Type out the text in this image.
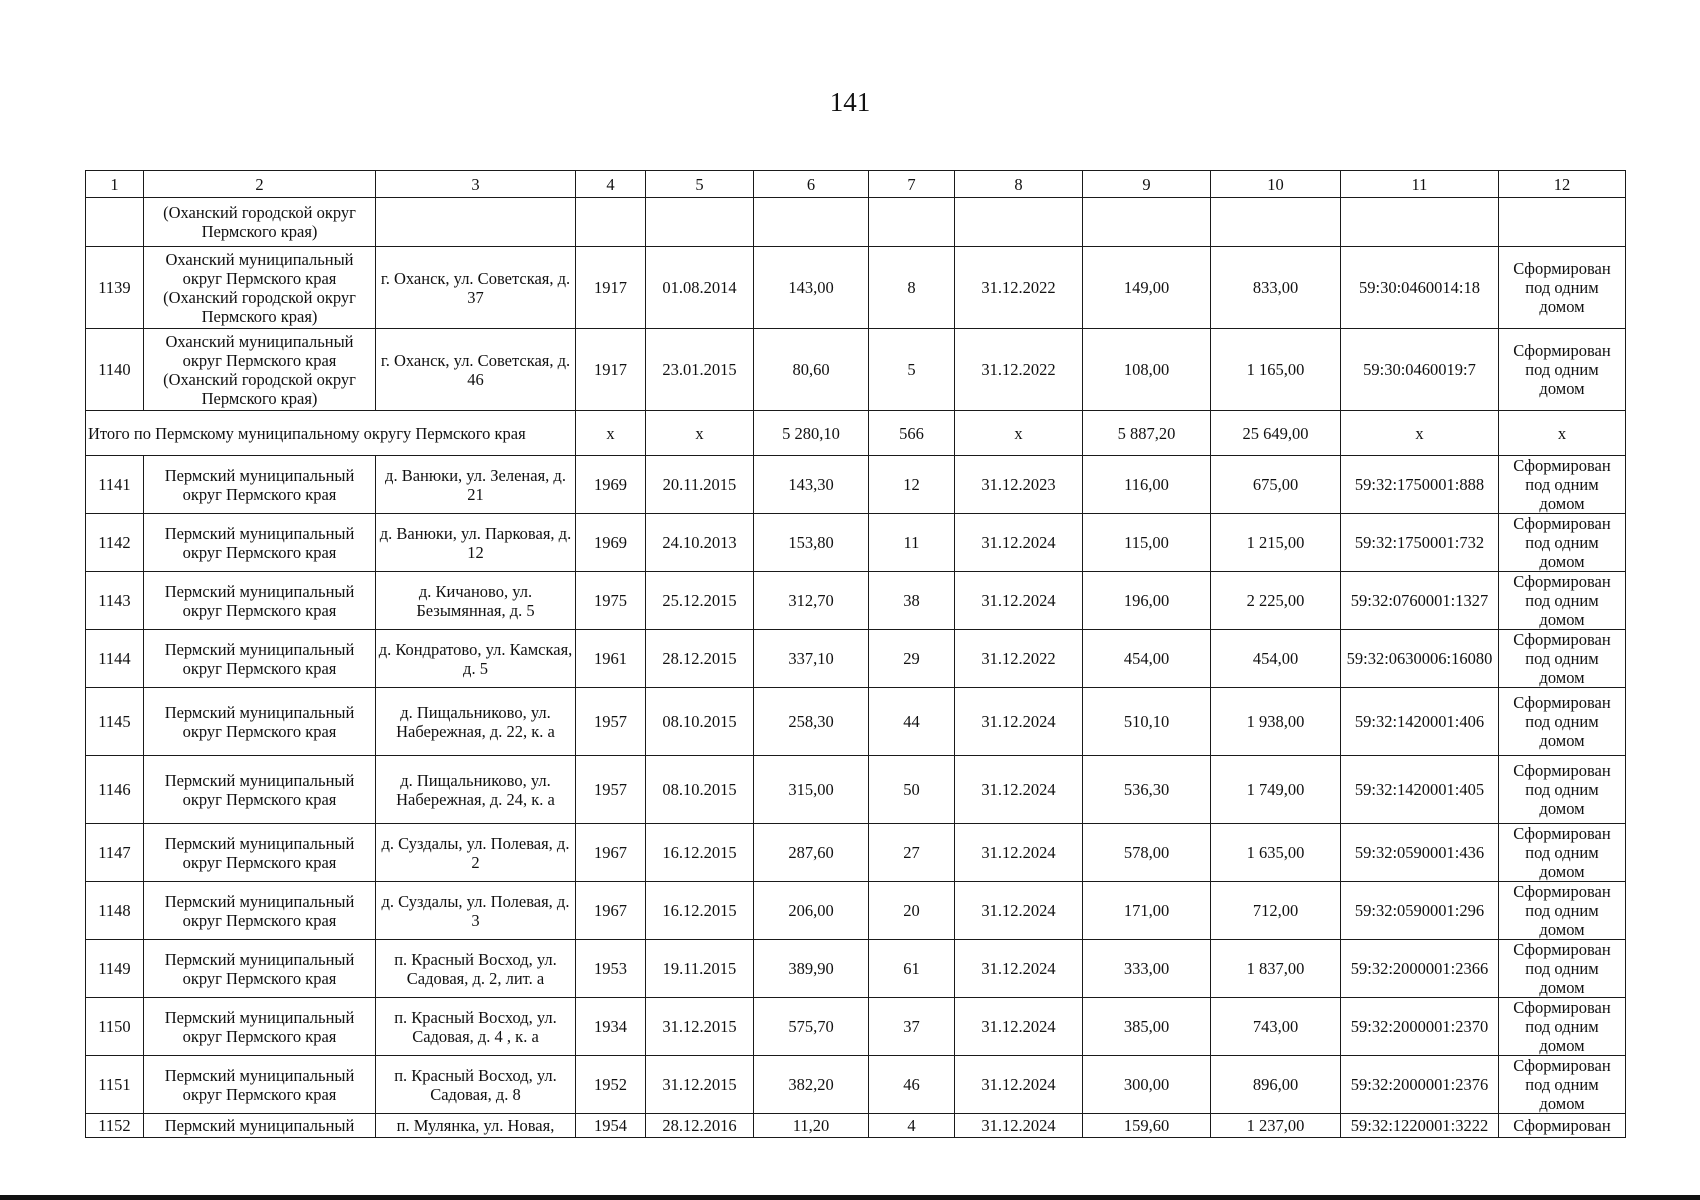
141
1	2	3	4	5	6	7	8	9	10	11	12
	(Оханский городской округ Пермского края)										
1139	Оханский муниципальный округ Пермского края (Оханский городской округ Пермского края)	г. Оханск, ул. Советская, д. 37	1917	01.08.2014	143,00	8	31.12.2022	149,00	833,00	59:30:0460014:18	Сформирован под одним домом
1140	Оханский муниципальный округ Пермского края (Оханский городской округ Пермского края)	г. Оханск, ул. Советская, д. 46	1917	23.01.2015	80,60	5	31.12.2022	108,00	1 165,00	59:30:0460019:7	Сформирован под одним домом
Итого по Пермскому муниципальному округу Пермского края			x	x	5 280,10	566	x	5 887,20	25 649,00	x	x
1141	Пермский муниципальный округ Пермского края	д. Ванюки, ул. Зеленая, д. 21	1969	20.11.2015	143,30	12	31.12.2023	116,00	675,00	59:32:1750001:888	Сформирован под одним домом
1142	Пермский муниципальный округ Пермского края	д. Ванюки, ул. Парковая, д. 12	1969	24.10.2013	153,80	11	31.12.2024	115,00	1 215,00	59:32:1750001:732	Сформирован под одним домом
1143	Пермский муниципальный округ Пермского края	д. Кичаново, ул. Безымянная, д. 5	1975	25.12.2015	312,70	38	31.12.2024	196,00	2 225,00	59:32:0760001:1327	Сформирован под одним домом
1144	Пермский муниципальный округ Пермского края	д. Кондратово, ул. Камская, д. 5	1961	28.12.2015	337,10	29	31.12.2022	454,00	454,00	59:32:0630006:16080	Сформирован под одним домом
1145	Пермский муниципальный округ Пермского края	д. Пищальниково, ул. Набережная, д. 22, к. а	1957	08.10.2015	258,30	44	31.12.2024	510,10	1 938,00	59:32:1420001:406	Сформирован под одним домом
1146	Пермский муниципальный округ Пермского края	д. Пищальниково, ул. Набережная, д. 24, к. а	1957	08.10.2015	315,00	50	31.12.2024	536,30	1 749,00	59:32:1420001:405	Сформирован под одним домом
1147	Пермский муниципальный округ Пермского края	д. Суздалы, ул. Полевая, д. 2	1967	16.12.2015	287,60	27	31.12.2024	578,00	1 635,00	59:32:0590001:436	Сформирован под одним домом
1148	Пермский муниципальный округ Пермского края	д. Суздалы, ул. Полевая, д. 3	1967	16.12.2015	206,00	20	31.12.2024	171,00	712,00	59:32:0590001:296	Сформирован под одним домом
1149	Пермский муниципальный округ Пермского края	п. Красный Восход, ул. Садовая, д. 2, лит. а	1953	19.11.2015	389,90	61	31.12.2024	333,00	1 837,00	59:32:2000001:2366	Сформирован под одним домом
1150	Пермский муниципальный округ Пермского края	п. Красный Восход, ул. Садовая, д. 4 , к. а	1934	31.12.2015	575,70	37	31.12.2024	385,00	743,00	59:32:2000001:2370	Сформирован под одним домом
1151	Пермский муниципальный округ Пермского края	п. Красный Восход, ул. Садовая, д. 8	1952	31.12.2015	382,20	46	31.12.2024	300,00	896,00	59:32:2000001:2376	Сформирован под одним домом
1152	Пермский муниципальный	п. Мулянка, ул. Новая,	1954	28.12.2016	11,20	4	31.12.2024	159,60	1 237,00	59:32:1220001:3222	Сформирован
